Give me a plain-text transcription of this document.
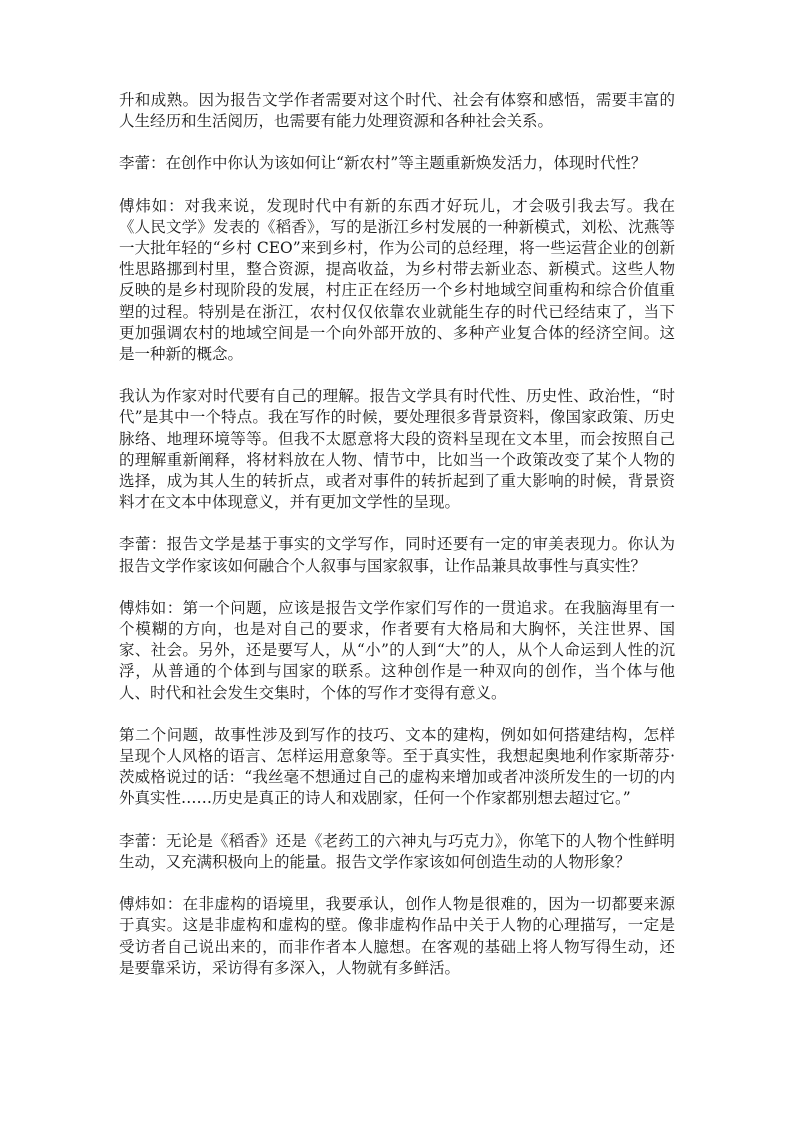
升和成熟。因为报告文学作者需要对这个时代、社会有体察和感悟，需要丰富的人生经历和生活阅历，也需要有能力处理资源和各种社会关系。

李蕾：在创作中你认为该如何让“新农村”等主题重新焕发活力，体现时代性？

傅炜如：对我来说，发现时代中有新的东西才好玩儿，才会吸引我去写。我在《人民文学》发表的《稻香》，写的是浙江乡村发展的一种新模式，刘松、沈燕等一大批年轻的“乡村 CEO”来到乡村，作为公司的总经理，将一些运营企业的创新性思路挪到村里，整合资源，提高收益，为乡村带去新业态、新模式。这些人物反映的是乡村现阶段的发展，村庄正在经历一个乡村地域空间重构和综合价值重塑的过程。特别是在浙江，农村仅仅依靠农业就能生存的时代已经结束了，当下更加强调农村的地域空间是一个向外部开放的、多种产业复合体的经济空间。这是一种新的概念。

我认为作家对时代要有自己的理解。报告文学具有时代性、历史性、政治性，“时代”是其中一个特点。我在写作的时候，要处理很多背景资料，像国家政策、历史脉络、地理环境等等。但我不太愿意将大段的资料呈现在文本里，而会按照自己的理解重新阐释，将材料放在人物、情节中，比如当一个政策改变了某个人物的选择，成为其人生的转折点，或者对事件的转折起到了重大影响的时候，背景资料才在文本中体现意义，并有更加文学性的呈现。

李蕾：报告文学是基于事实的文学写作，同时还要有一定的审美表现力。你认为报告文学作家该如何融合个人叙事与国家叙事，让作品兼具故事性与真实性？

傅炜如：第一个问题，应该是报告文学作家们写作的一贯追求。在我脑海里有一个模糊的方向，也是对自己的要求，作者要有大格局和大胸怀，关注世界、国家、社会。另外，还是要写人，从“小”的人到“大”的人，从个人命运到人性的沉浮，从普通的个体到与国家的联系。这种创作是一种双向的创作，当个体与他人、时代和社会发生交集时，个体的写作才变得有意义。

第二个问题，故事性涉及到写作的技巧、文本的建构，例如如何搭建结构，怎样呈现个人风格的语言、怎样运用意象等。至于真实性，我想起奥地利作家斯蒂芬·茨威格说过的话：“我丝毫不想通过自己的虚构来增加或者冲淡所发生的一切的内外真实性……历史是真正的诗人和戏剧家，任何一个作家都别想去超过它。”

李蕾：无论是《稻香》还是《老药工的六神丸与巧克力》，你笔下的人物个性鲜明生动，又充满积极向上的能量。报告文学作家该如何创造生动的人物形象？

傅炜如：在非虚构的语境里，我要承认，创作人物是很难的，因为一切都要来源于真实。这是非虚构和虚构的壁。像非虚构作品中关于人物的心理描写，一定是受访者自己说出来的，而非作者本人臆想。在客观的基础上将人物写得生动，还是要靠采访，采访得有多深入，人物就有多鲜活。
